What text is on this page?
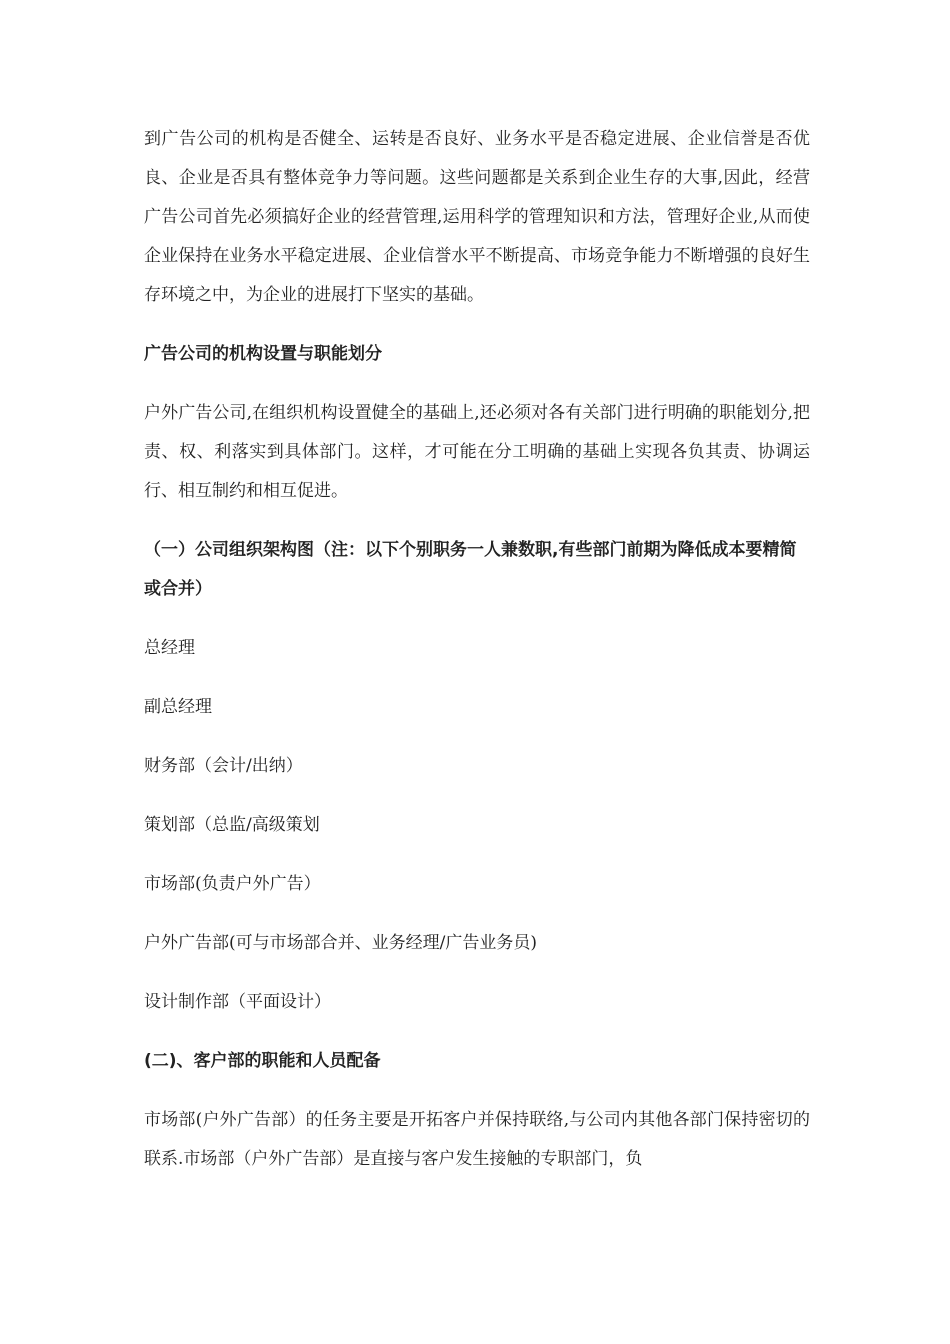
到广告公司的机构是否健全、运转是否良好、业务水平是否稳定进展、企业信誉是否优良、企业是否具有整体竞争力等问题。这些问题都是关系到企业生存的大事,因此，经营广告公司首先必须搞好企业的经营管理,运用科学的管理知识和方法，管理好企业,从而使企业保持在业务水平稳定进展、企业信誉水平不断提高、市场竞争能力不断增强的良好生存环境之中，为企业的进展打下坚实的基础。

广告公司的机构设置与职能划分

户外广告公司,在组织机构设置健全的基础上,还必须对各有关部门进行明确的职能划分,把责、权、利落实到具体部门。这样，才可能在分工明确的基础上实现各负其责、协调运行、相互制约和相互促进。

（一）公司组织架构图（注：以下个别职务一人兼数职,有些部门前期为降低成本要精简或合并）

总经理

副总经理

财务部（会计/出纳）

策划部（总监/高级策划

市场部(负责户外广告）

户外广告部(可与市场部合并、业务经理/广告业务员)

设计制作部（平面设计）

(二)、客户部的职能和人员配备

市场部(户外广告部）的任务主要是开拓客户并保持联络,与公司内其他各部门保持密切的联系.市场部（户外广告部）是直接与客户发生接触的专职部门，负
